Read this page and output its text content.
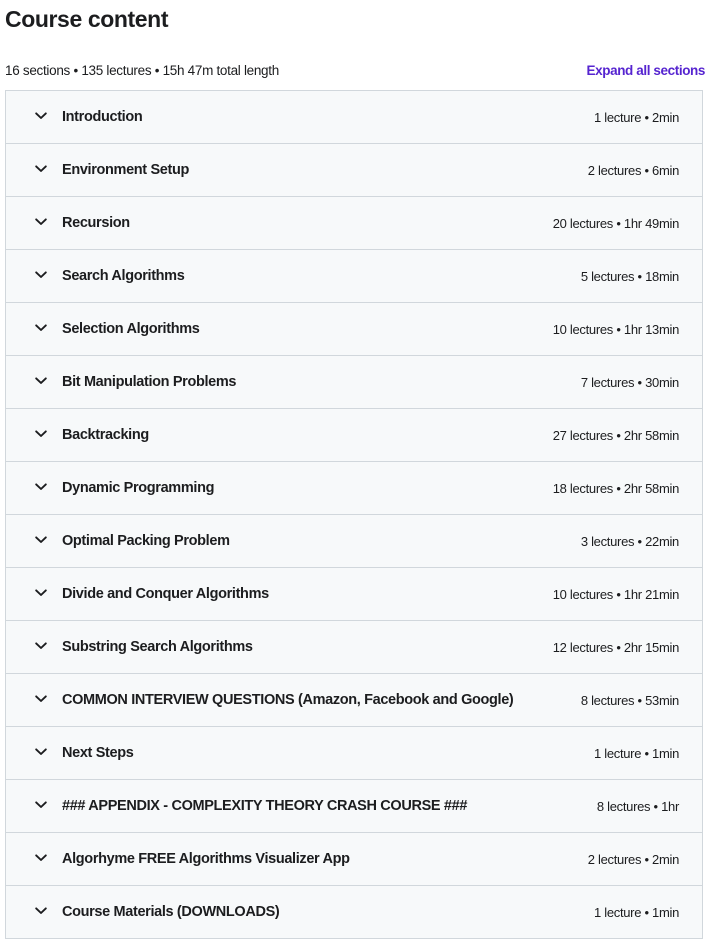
Course content
16 sections • 135 lectures • 15h 47m total length	Expand all sections
Introduction	1 lecture • 2min
Environment Setup	2 lectures • 6min
Recursion	20 lectures • 1hr 49min
Search Algorithms	5 lectures • 18min
Selection Algorithms	10 lectures • 1hr 13min
Bit Manipulation Problems	7 lectures • 30min
Backtracking	27 lectures • 2hr 58min
Dynamic Programming	18 lectures • 2hr 58min
Optimal Packing Problem	3 lectures • 22min
Divide and Conquer Algorithms	10 lectures • 1hr 21min
Substring Search Algorithms	12 lectures • 2hr 15min
COMMON INTERVIEW QUESTIONS (Amazon, Facebook and Google)	8 lectures • 53min
Next Steps	1 lecture • 1min
### APPENDIX - COMPLEXITY THEORY CRASH COURSE ###	8 lectures • 1hr
Algorhyme FREE Algorithms Visualizer App	2 lectures • 2min
Course Materials (DOWNLOADS)	1 lecture • 1min
